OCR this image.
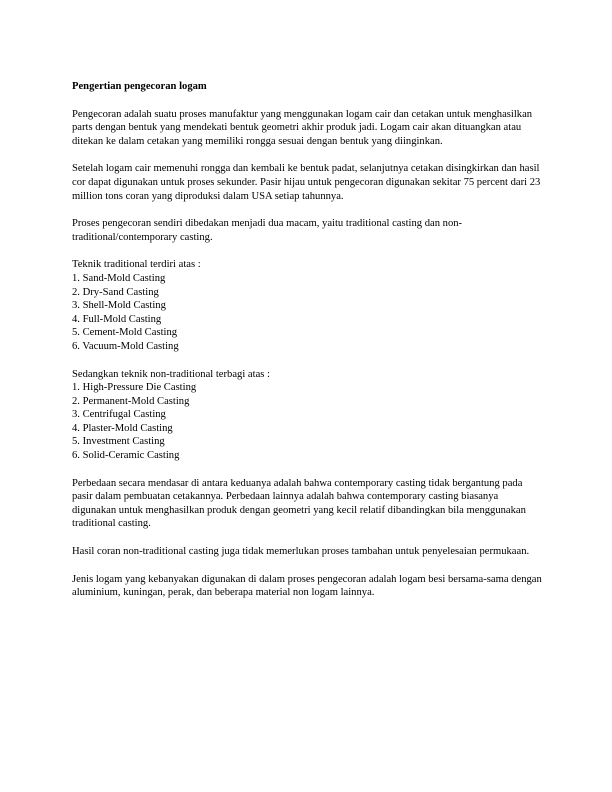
Pengertian pengecoran logam

Pengecoran adalah suatu proses manufaktur yang menggunakan logam cair dan cetakan untuk menghasilkan parts dengan bentuk yang mendekati bentuk geometri akhir produk jadi. Logam cair akan dituangkan atau ditekan ke dalam cetakan yang memiliki rongga sesuai dengan bentuk yang diinginkan.

Setelah logam cair memenuhi rongga dan kembali ke bentuk padat, selanjutnya cetakan disingkirkan dan hasil cor dapat digunakan untuk proses sekunder. Pasir hijau untuk pengecoran digunakan sekitar 75 percent dari 23 million tons coran yang diproduksi dalam USA setiap tahunnya.

Proses pengecoran sendiri dibedakan menjadi dua macam, yaitu traditional casting dan non-traditional/contemporary casting.

Teknik traditional terdiri atas :

1. Sand-Mold Casting
2. Dry-Sand Casting
3. Shell-Mold Casting
4. Full-Mold Casting
5. Cement-Mold Casting
6. Vacuum-Mold Casting

Sedangkan teknik non-traditional terbagi atas :

1. High-Pressure Die Casting
2. Permanent-Mold Casting
3. Centrifugal Casting
4. Plaster-Mold Casting
5. Investment Casting
6. Solid-Ceramic Casting

Perbedaan secara mendasar di antara keduanya adalah bahwa contemporary casting tidak bergantung pada pasir dalam pembuatan cetakannya. Perbedaan lainnya adalah bahwa contemporary casting biasanya digunakan untuk menghasilkan produk dengan geometri yang kecil relatif dibandingkan bila menggunakan traditional casting.

Hasil coran non-traditional casting juga tidak memerlukan proses tambahan untuk penyelesaian permukaan.

Jenis logam yang kebanyakan digunakan di dalam proses pengecoran adalah logam besi bersama-sama dengan aluminium, kuningan, perak, dan beberapa material non logam lainnya.
